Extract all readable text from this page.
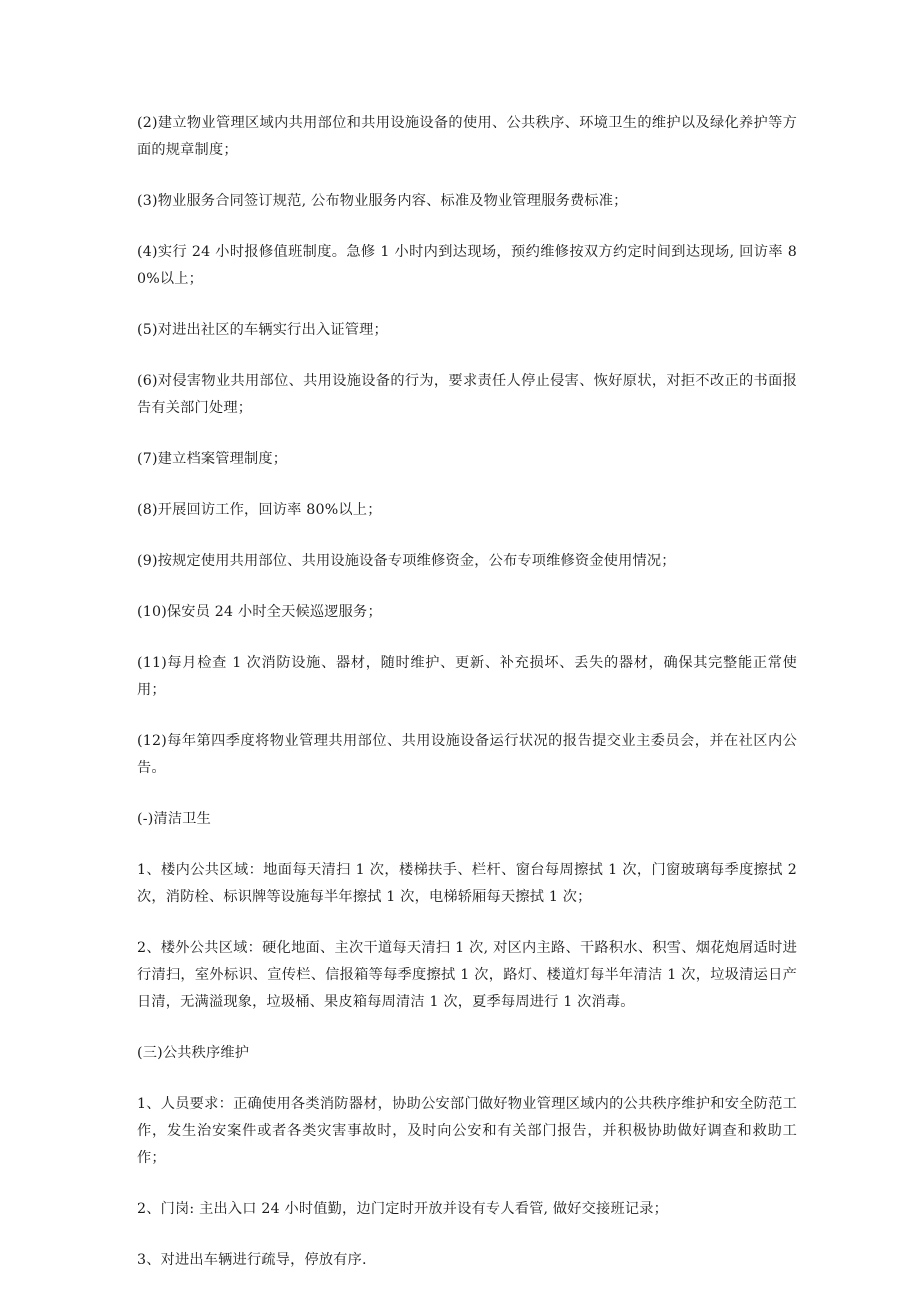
(2)建立物业管理区域内共用部位和共用设施设备的使用、公共秩序、环境卫生的维护以及绿化养护等方面的规章制度；

(3)物业服务合同签订规范, 公布物业服务内容、标准及物业管理服务费标准；

(4)实行 24 小时报修值班制度。急修 1 小时内到达现场，预约维修按双方约定时间到达现场, 回访率 80%以上；

(5)对进出社区的车辆实行出入证管理；

(6)对侵害物业共用部位、共用设施设备的行为，要求责任人停止侵害、恢好原状，对拒不改正的书面报告有关部门处理；

(7)建立档案管理制度；

(8)开展回访工作，回访率 80%以上；

(9)按规定使用共用部位、共用设施设备专项维修资金，公布专项维修资金使用情况；

(10)保安员 24 小时全天候巡逻服务；

(11)每月检查 1 次消防设施、器材，随时维护、更新、补充损坏、丢失的器材，确保其完整能正常使用；

(12)每年第四季度将物业管理共用部位、共用设施设备运行状况的报告提交业主委员会，并在社区内公告。

(-)清洁卫生

1、楼内公共区域：地面每天清扫 1 次，楼梯扶手、栏杆、窗台每周擦拭 1 次，门窗玻璃每季度擦拭 2 次，消防栓、标识牌等设施每半年擦拭 1 次，电梯轿厢每天擦拭 1 次；

2、楼外公共区域：硬化地面、主次干道每天清扫 1 次, 对区内主路、干路积水、积雪、烟花炮屑适时进行清扫，室外标识、宣传栏、信报箱等每季度擦拭 1 次，路灯、楼道灯每半年清洁 1 次，垃圾清运日产日清，无满溢现象，垃圾桶、果皮箱每周清洁 1 次，夏季每周进行 1 次消毒。

(三)公共秩序维护

1、人员要求：正确使用各类消防器材，协助公安部门做好物业管理区域内的公共秩序维护和安全防范工作，发生治安案件或者各类灾害事故时，及时向公安和有关部门报告，并积极协助做好调查和救助工作；

2、门岗: 主出入口 24 小时值勤，边门定时开放并设有专人看管, 做好交接班记录；

3、对进出车辆进行疏导，停放有序.
